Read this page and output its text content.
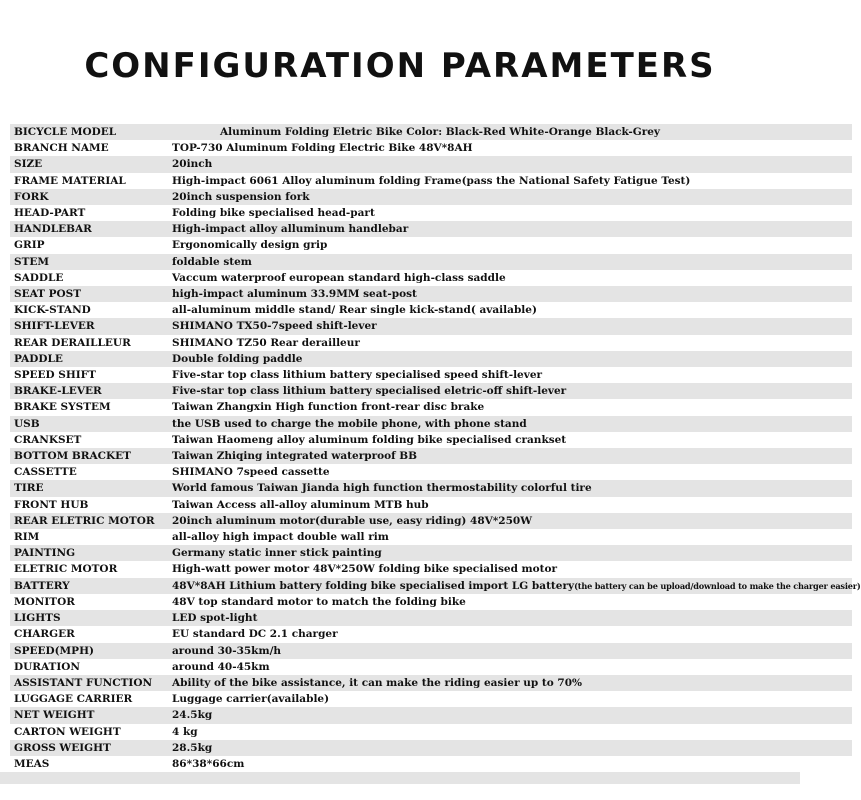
CONFIGURATION PARAMETERS
BICYCLE MODEL	Aluminum Folding Eletric Bike Color: Black-Red White-Orange Black-Grey
BRANCH NAME	TOP-730 Aluminum Folding Electric Bike 48V*8AH
SIZE	20inch
FRAME MATERIAL	High-impact 6061 Alloy aluminum folding Frame(pass the National Safety Fatigue Test)
FORK	20inch suspension fork
HEAD-PART	Folding bike specialised head-part
HANDLEBAR	High-impact alloy alluminum handlebar
GRIP	Ergonomically design grip
STEM	foldable stem
SADDLE	Vaccum waterproof european standard high-class saddle
SEAT POST	high-impact aluminum 33.9MM seat-post
KICK-STAND	all-aluminum middle stand/ Rear single kick-stand( available)
SHIFT-LEVER	SHIMANO TX50-7speed shift-lever
REAR DERAILLEUR	SHIMANO TZ50 Rear derailleur
PADDLE	Double folding paddle
SPEED SHIFT	Five-star top class lithium battery specialised speed shift-lever
BRAKE-LEVER	Five-star top class lithium battery specialised eletric-off shift-lever
BRAKE SYSTEM	Taiwan Zhangxin High function front-rear disc brake
USB	the USB used to charge the mobile phone, with phone stand
CRANKSET	Taiwan Haomeng alloy aluminum folding bike specialised crankset
BOTTOM BRACKET	Taiwan Zhiqing integrated waterproof BB
CASSETTE	SHIMANO 7speed cassette
TIRE	World famous Taiwan Jianda high function thermostability colorful tire
FRONT HUB	Taiwan Access all-alloy aluminum MTB hub
REAR ELETRIC MOTOR	20inch aluminum motor(durable use, easy riding) 48V*250W
RIM	all-alloy high impact double wall rim
PAINTING	Germany static inner stick painting
ELETRIC MOTOR	High-watt power motor 48V*250W folding bike specialised motor
BATTERY	48V*8AH Lithium battery folding bike specialised import LG battery(the battery can be upload/download to make the charger easier)
MONITOR	48V top standard motor to match the folding bike
LIGHTS	LED spot-light
CHARGER	EU standard DC 2.1 charger
SPEED(MPH)	around 30-35km/h
DURATION	around 40-45km
ASSISTANT FUNCTION	Ability of the bike assistance, it can make the riding easier up to 70%
LUGGAGE CARRIER	Luggage carrier(available)
NET WEIGHT	24.5kg
CARTON WEIGHT	4 kg
GROSS WEIGHT	28.5kg
MEAS	86*38*66cm
